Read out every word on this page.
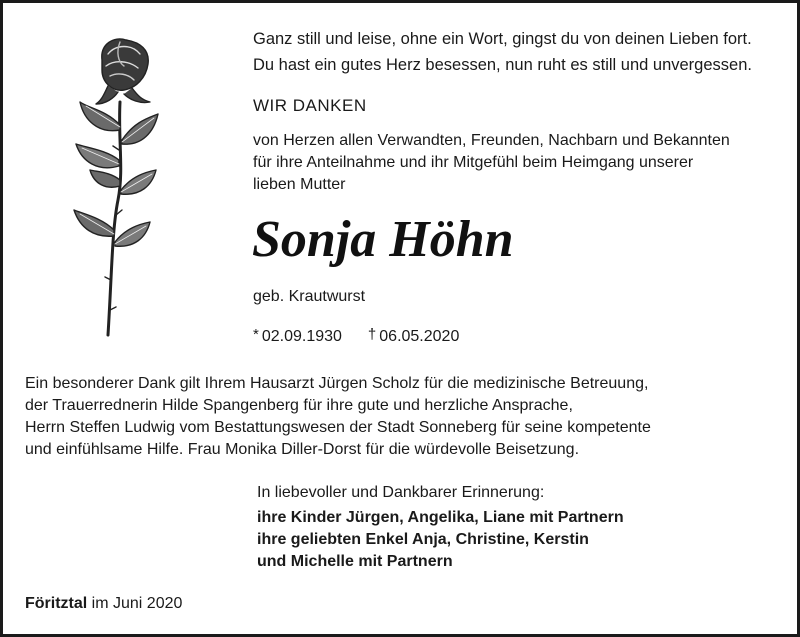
Ganz still und leise, ohne ein Wort, gingst du von deinen Lieben fort.
Du hast ein gutes Herz besessen, nun ruht es still und unvergessen.
WIR DANKEN
von Herzen allen Verwandten, Freunden, Nachbarn und Bekannten
für ihre Anteilnahme und ihr Mitgefühl beim Heimgang unserer
lieben Mutter
Sonja Höhn
geb. Krautwurst
* 02.09.1930 † 06.05.2020
Ein besonderer Dank gilt Ihrem Hausarzt Jürgen Scholz für die medizinische Betreuung,
der Trauerrednerin Hilde Spangenberg für ihre gute und herzliche Ansprache,
Herrn Steffen Ludwig vom Bestattungswesen der Stadt Sonneberg für seine kompetente
und einfühlsame Hilfe. Frau Monika Diller-Dorst für die würdevolle Beisetzung.
In liebevoller und Dankbarer Erinnerung:
ihre Kinder Jürgen, Angelika, Liane mit Partnern
ihre geliebten Enkel Anja, Christine, Kerstin
und Michelle mit Partnern
Föritztal im Juni 2020
